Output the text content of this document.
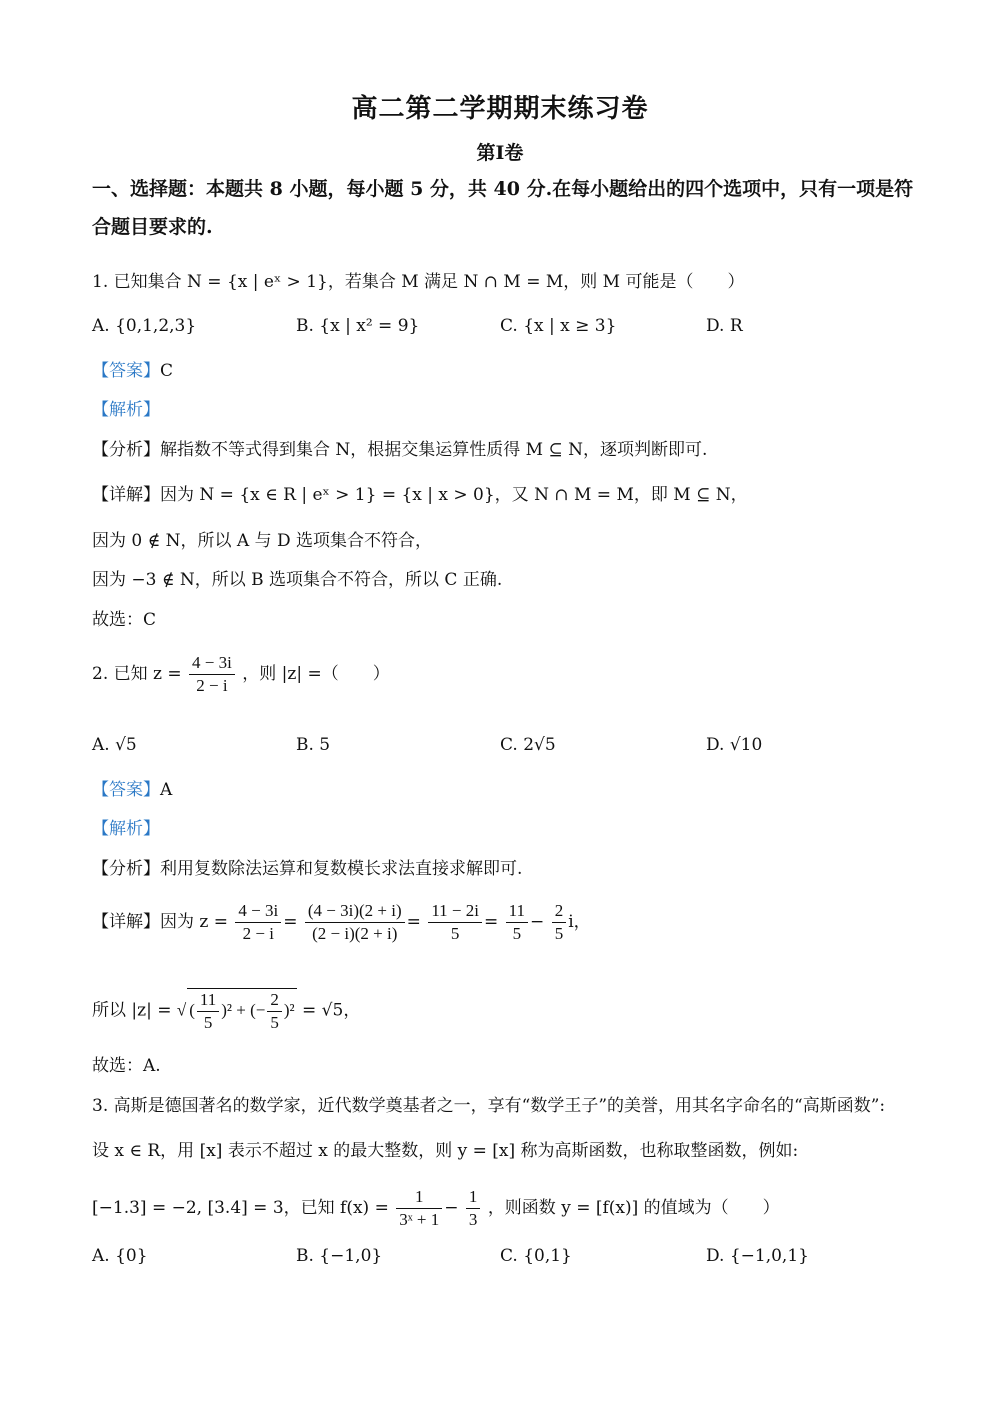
高二第二学期期末练习卷
第Ⅰ卷
一、选择题：本题共 8 小题，每小题 5 分，共 40 分.在每小题给出的四个选项中，只有一项是符合题目要求的.
1. 已知集合 N = {x | eˣ > 1}，若集合 M 满足 N ∩ M = M，则 M 可能是（　　）
A. {0,1,2,3}	B. {x | x² = 9}	C. {x | x ≥ 3}	D. R
【答案】C
【解析】
【分析】解指数不等式得到集合 N，根据交集运算性质得 M ⊆ N，逐项判断即可.
【详解】因为 N = {x ∈ R | eˣ > 1} = {x | x > 0}，又 N ∩ M = M，即 M ⊆ N，
因为 0 ∉ N，所以 A 与 D 选项集合不符合，
因为 −3 ∉ N，所以 B 选项集合不符合，所以 C 正确.
故选：C
2. 已知 $z = \frac{4 - 3i}{2 - i}$ ，则 |z| =（　　）
A. √5	B. 5	C. 2√5	D. √10
【答案】A
【解析】
【分析】利用复数除法运算和复数模长求法直接求解即可.
【详解】因为 $z = \frac{4 - 3i}{2 - i} = \frac{(4 - 3i)(2 + i)}{(2 - i)(2 + i)} = \frac{11 - 2i}{5} = \frac{11}{5} - \frac{2}{5}$ i，
所以 |z| = √ ( $\frac{11}{5} )^2$ + (− $\frac{2}{5} )^2 = √5$，
故选：A.
3. 高斯是德国著名的数学家，近代数学奠基者之一，享有“数学王子”的美誉，用其名字命名的“高斯函数”:
设 x ∈ R，用 [x] 表示不超过 x 的最大整数，则 y = [x] 称为高斯函数，也称取整函数，例如:
[−1.3] = −2, [3.4] = 3，已知 $f(x) = \frac{1}{\text{3ˣ + 1}} - \frac{1}{3}$ ，则函数 y = [f(x)] 的值域为（　　）
A. {0}	B. {−1,0}	C. {0,1}	D. {−1,0,1}
